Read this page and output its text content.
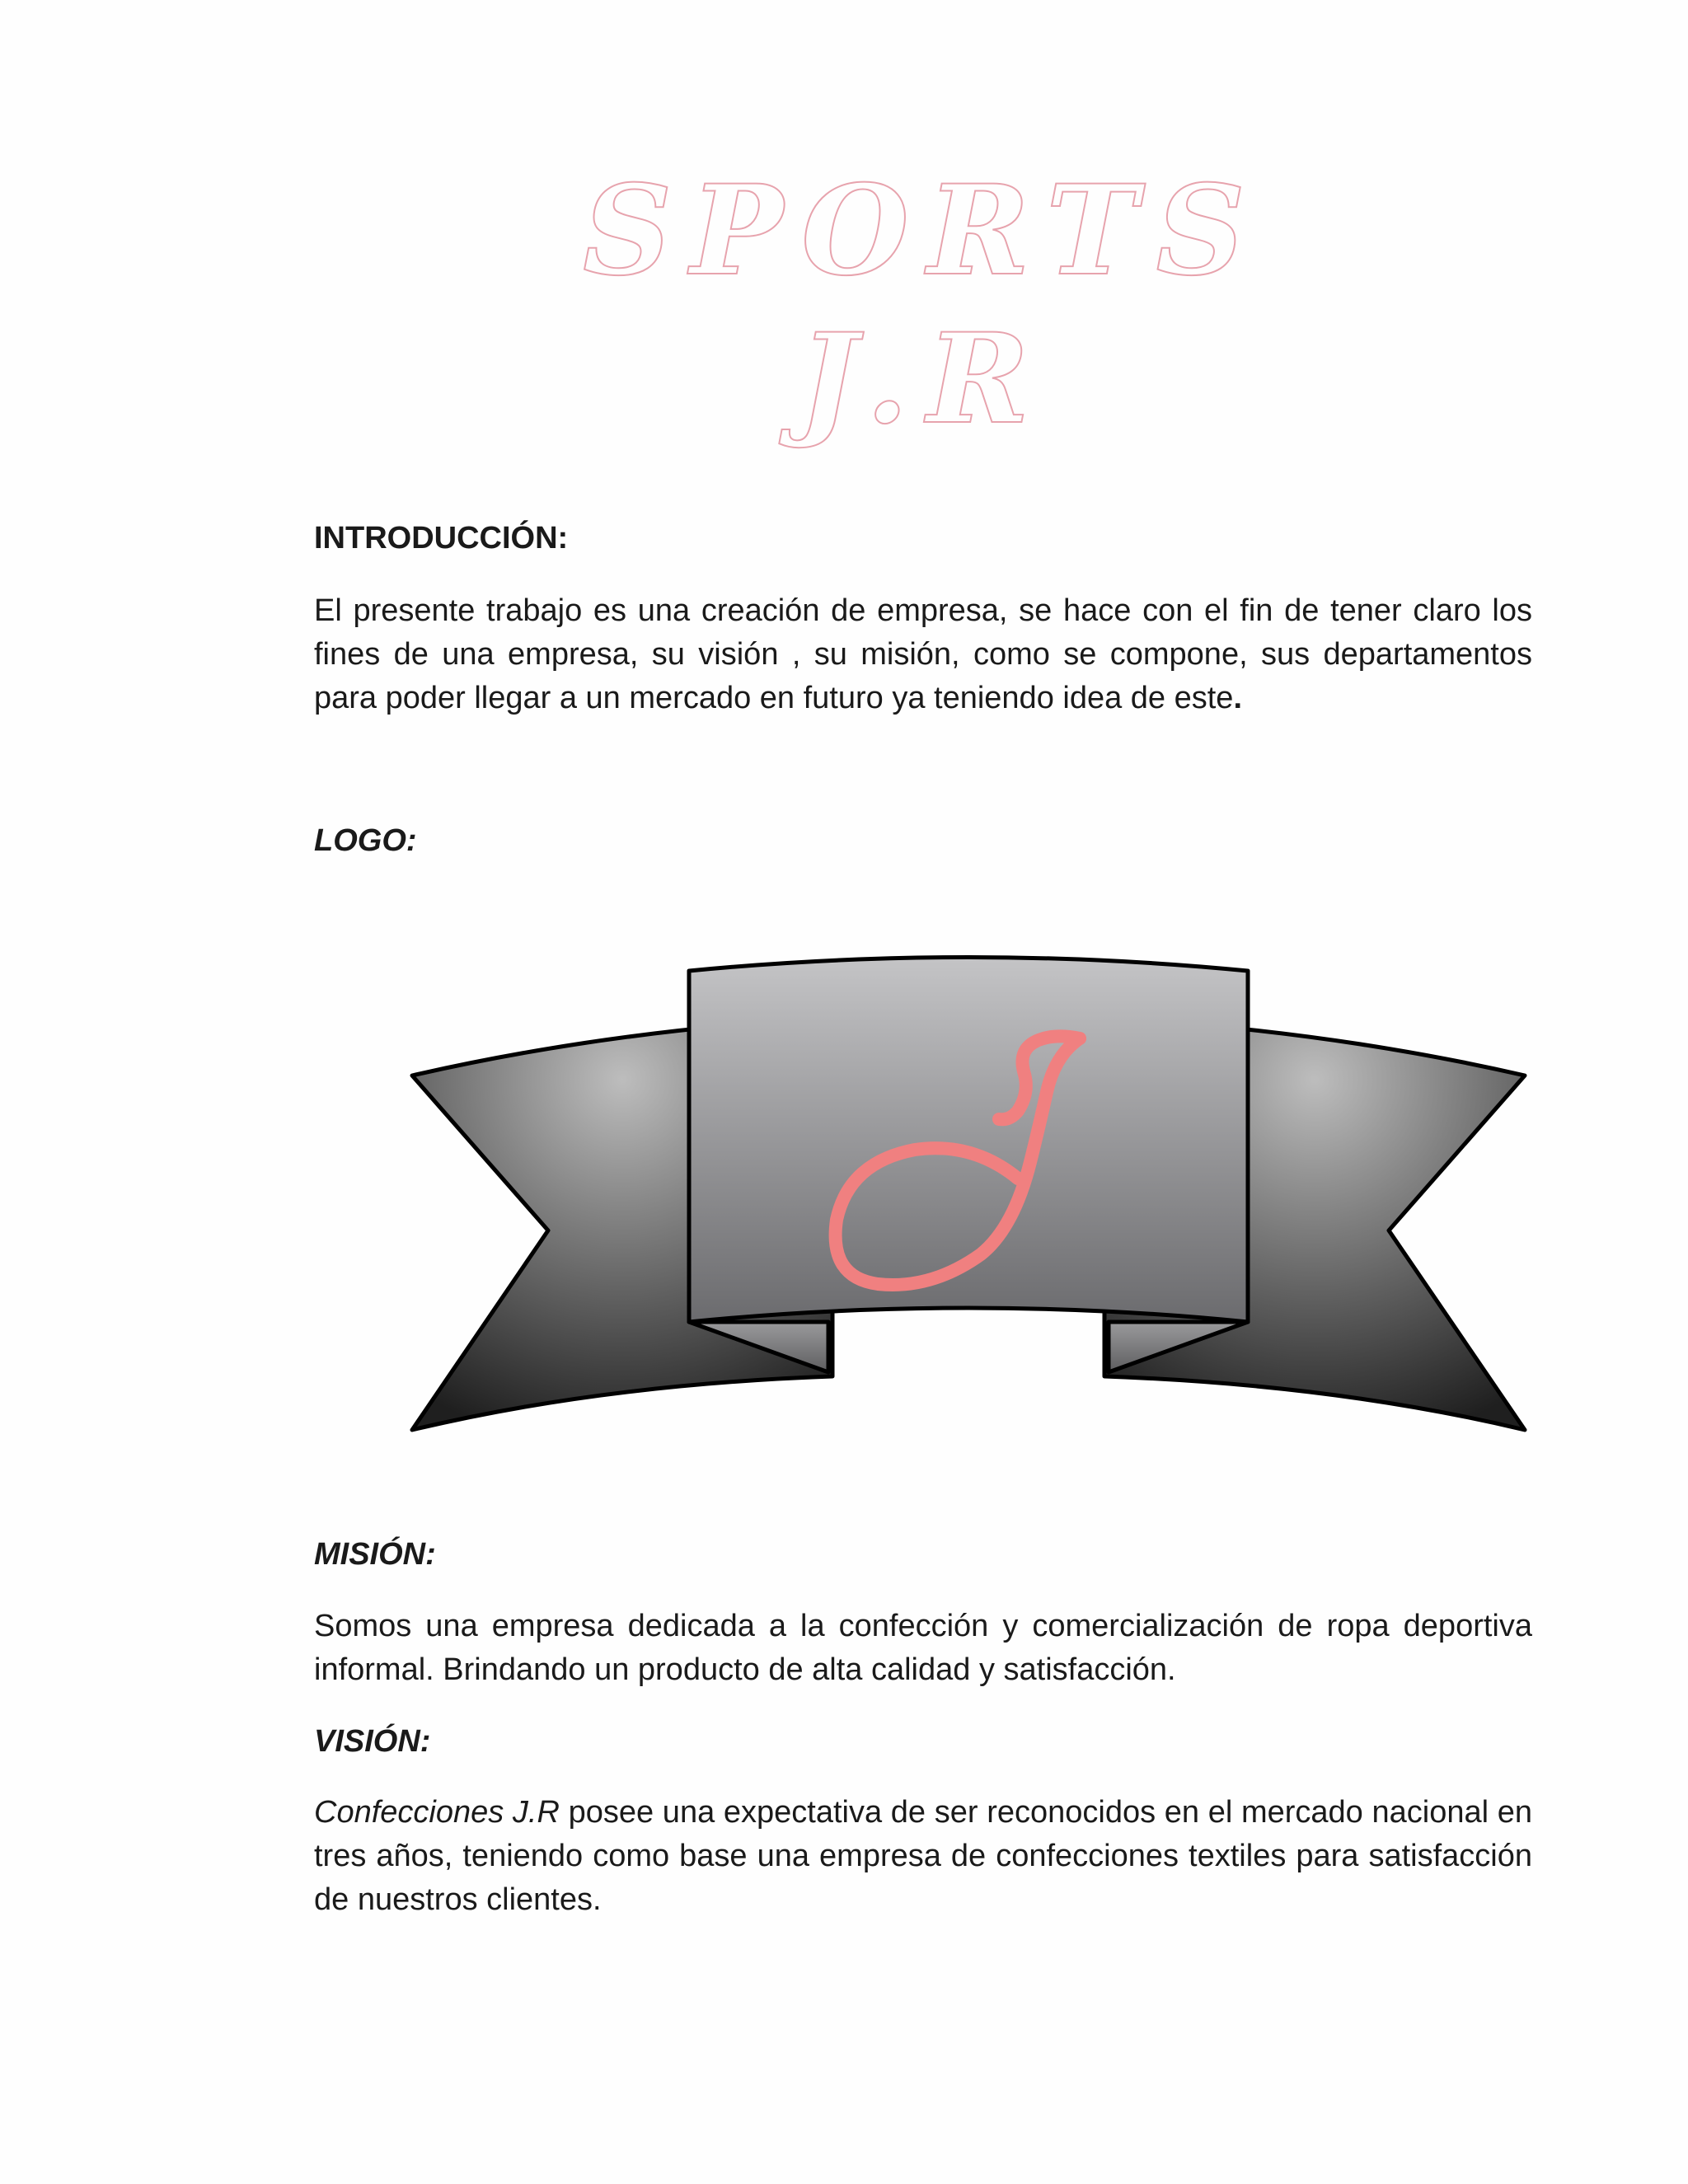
SPORTS
J.R
INTRODUCCIÓN:

El presente trabajo es una creación de empresa, se hace con el fin de tener claro los fines de una empresa, su visión , su misión, como se compone, sus departamentos para poder llegar a un mercado en futuro ya teniendo idea de este.

LOGO:
MISIÓN:

Somos una empresa dedicada a la confección y comercialización de ropa deportiva informal. Brindando un producto de alta calidad y satisfacción.

VISIÓN:

Confecciones J.R posee una expectativa de ser reconocidos en el mercado nacional en tres años, teniendo como base una empresa de confecciones textiles para satisfacción de nuestros clientes.
